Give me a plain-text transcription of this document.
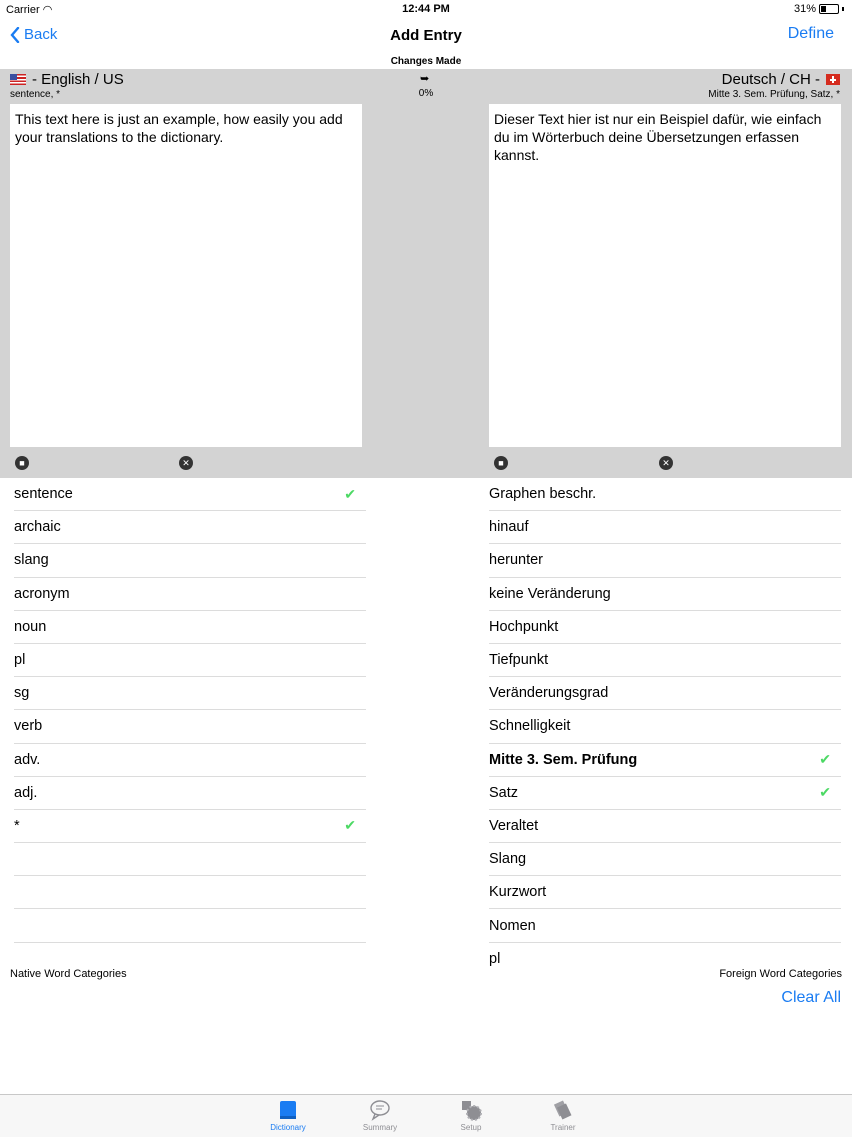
Carrier ◠	12:44 PM	31%
Back	Add Entry	Define
Changes Made
- English / US
sentence, *
➥
0%
Deutsch / CH -
Mitte 3. Sem. Prüfung, Satz, *
This text here is just an example, how easily you add your translations to the dictionary.
Dieser Text hier ist nur ein Beispiel dafür, wie einfach du im Wörterbuch deine Übersetzungen erfassen kannst.
■	✕	■	✕
sentence	✔
archaic
slang
acronym
noun
pl
sg
verb
adv.
adj.
*	✔
Graphen beschr.
hinauf
herunter
keine Veränderung
Hochpunkt
Tiefpunkt
Veränderungsgrad
Schnelligkeit
Mitte 3. Sem. Prüfung	✔
Satz	✔
Veraltet
Slang
Kurzwort
Nomen
pl
Native Word Categories	Foreign Word Categories
Clear All
Dictionary	Summary	Setup	Trainer
